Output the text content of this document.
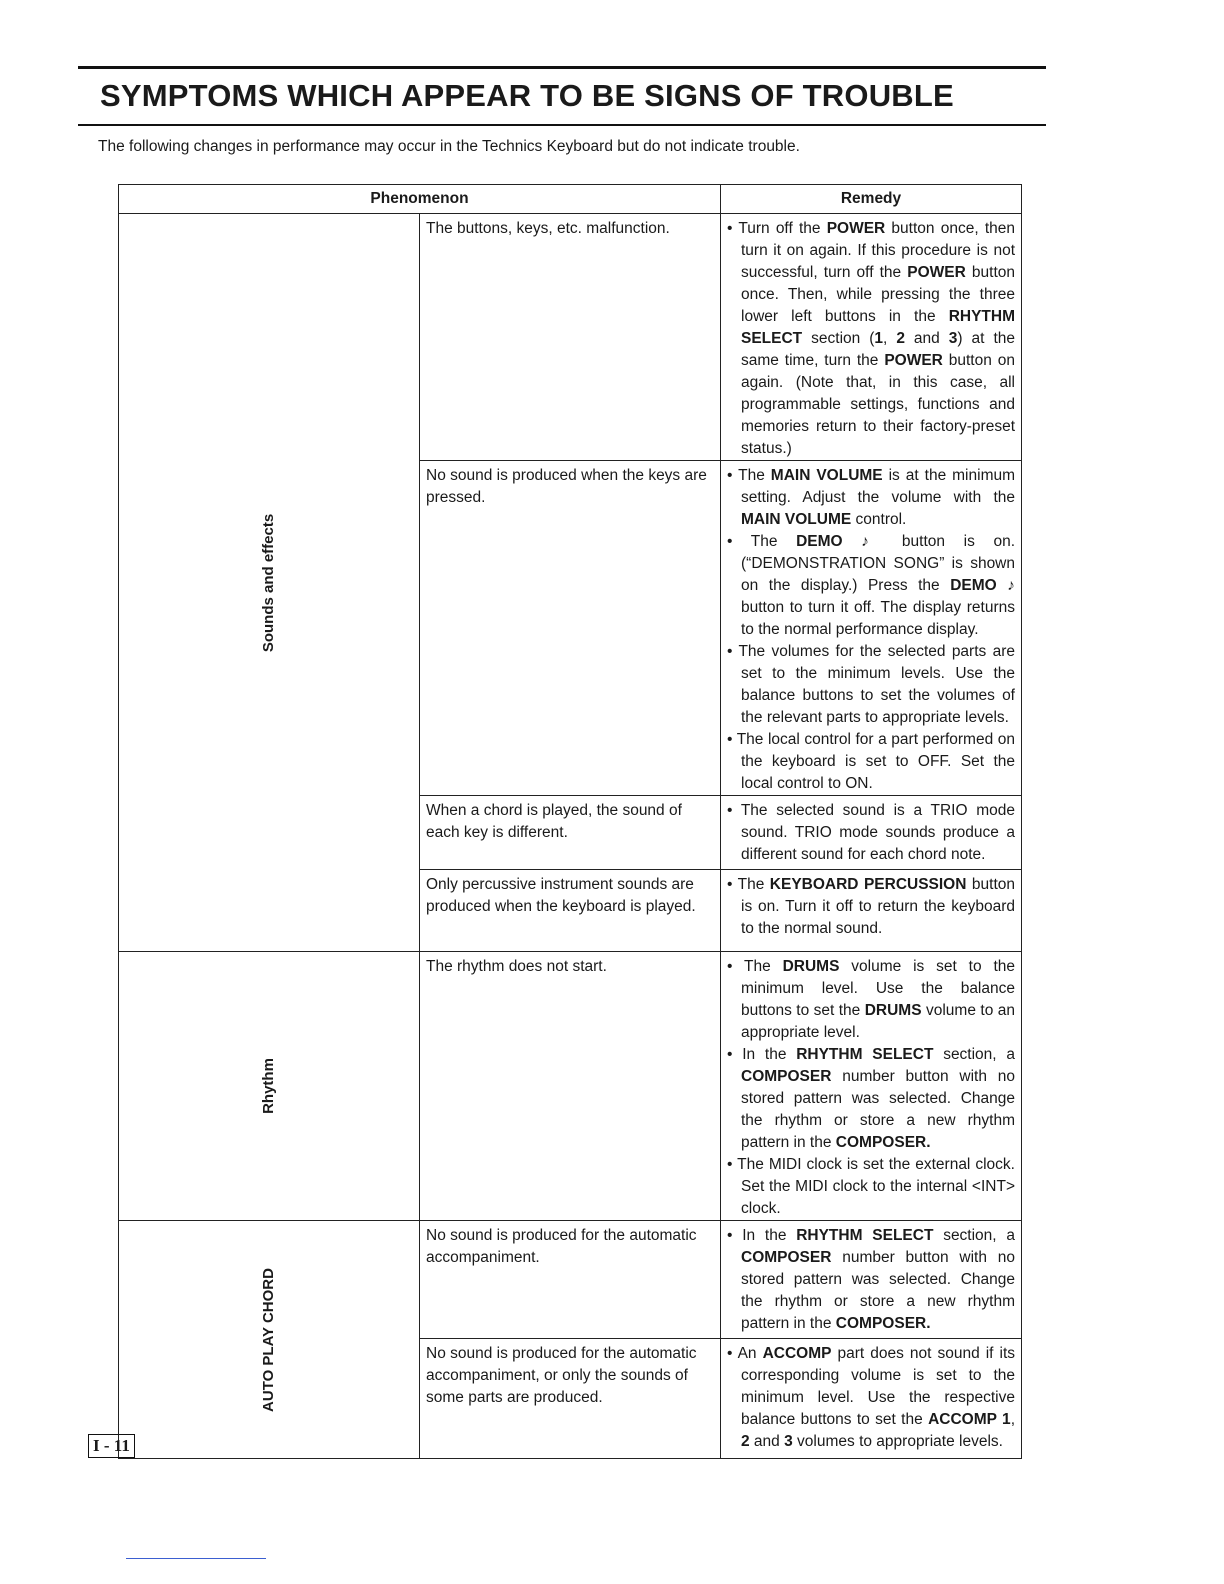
SYMPTOMS WHICH APPEAR TO BE SIGNS OF TROUBLE
The following changes in performance may occur in the Technics Keyboard but do not indicate trouble.
Phenomenon		Remedy

Sounds and effects	The buttons, keys, etc. malfunction.	• Turn off the POWER button once, then turn it on again. If this procedure is not successful, turn off the POWER button once. Then, while pressing the three lower left buttons in the RHYTHM SELECT section (1, 2 and 3) at the same time, turn the POWER button on again. (Note that, in this case, all programmable settings, functions and memories return to their factory-preset status.)

	No sound is produced when the keys are pressed.	• The MAIN VOLUME is at the minimum setting. Adjust the volume with the MAIN VOLUME control.
• The DEMO ♪ button is on. (“DEMONSTRATION SONG” is shown on the display.) Press the DEMO ♪ button to turn it off. The display returns to the normal performance display.
• The volumes for the selected parts are set to the minimum levels. Use the balance buttons to set the volumes of the relevant parts to appropriate levels.
• The local control for a part performed on the keyboard is set to OFF. Set the local control to ON.

	When a chord is played, the sound of each key is different.	• The selected sound is a TRIO mode sound. TRIO mode sounds produce a different sound for each chord note.

	Only percussive instrument sounds are produced when the keyboard is played.	• The KEYBOARD PERCUSSION button is on. Turn it off to return the keyboard to the normal sound.

Rhythm	The rhythm does not start.	• The DRUMS volume is set to the minimum level. Use the balance buttons to set the DRUMS volume to an appropriate level.
• In the RHYTHM SELECT section, a COMPOSER number button with no stored pattern was selected. Change the rhythm or store a new rhythm pattern in the COMPOSER.
• The MIDI clock is set the external clock. Set the MIDI clock to the internal <INT> clock.

AUTO PLAY CHORD	No sound is produced for the automatic accompaniment.	• In the RHYTHM SELECT section, a COMPOSER number button with no stored pattern was selected. Change the rhythm or store a new rhythm pattern in the COMPOSER.

	No sound is produced for the automatic accompaniment, or only the sounds of some parts are produced.	• An ACCOMP part does not sound if its corresponding volume is set to the minimum level. Use the respective balance buttons to set the ACCOMP 1, 2 and 3 volumes to appropriate levels.
I - 11
